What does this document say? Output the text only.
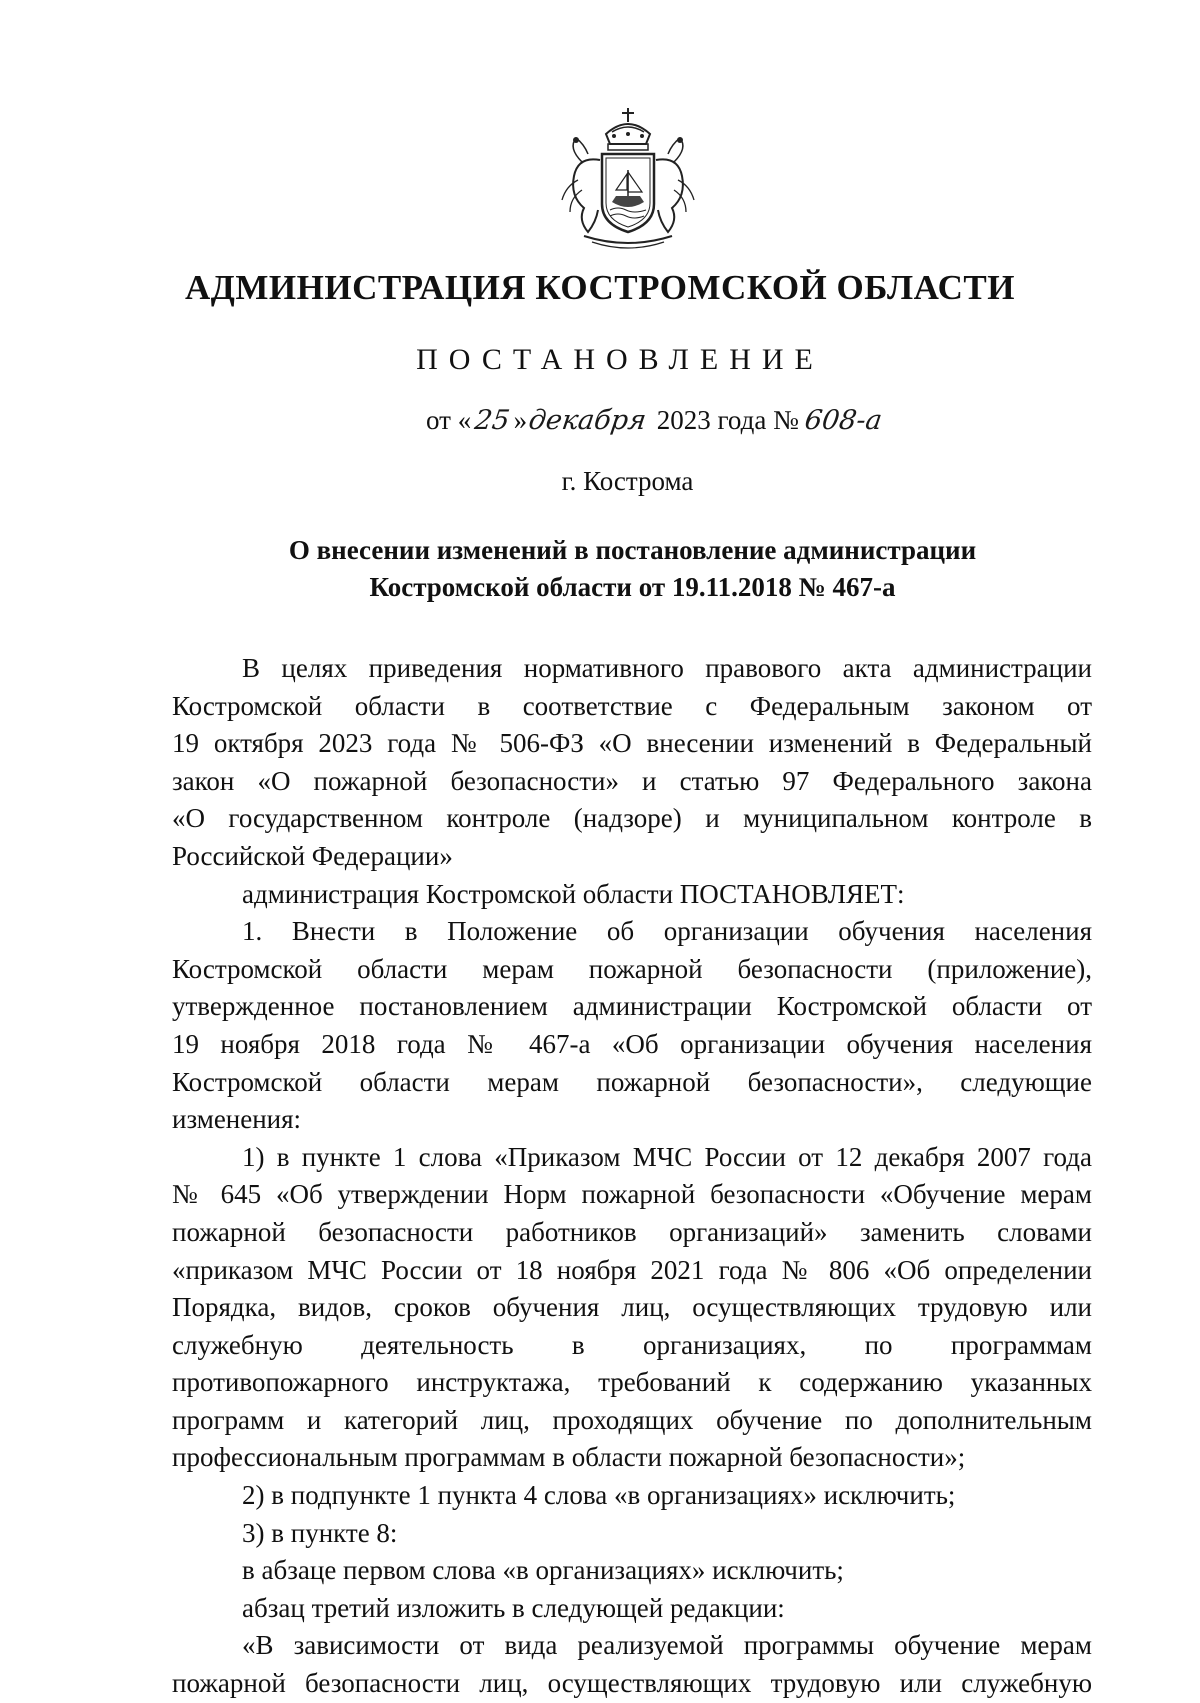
АДМИНИСТРАЦИЯ КОСТРОМСКОЙ ОБЛАСТИ
ПОСТАНОВЛЕНИЕ
от «25»декабря 2023 года № 608-а
г. Кострома
О внесении изменений в постановление администрации
Костромской области от 19.11.2018 № 467-а

В целях приведения нормативного правового акта администрации

Костромской области в соответствие с Федеральным законом от

19 октября 2023 года № 506-ФЗ «О внесении изменений в Федеральный

закон «О пожарной безопасности» и статью 97 Федерального закона

«О государственном контроле (надзоре) и муниципальном контроле в

Российской Федерации»

администрация Костромской области ПОСТАНОВЛЯЕТ:

1. Внести в Положение об организации обучения населения

Костромской области мерам пожарной безопасности (приложение),

утвержденное постановлением администрации Костромской области от

19 ноября 2018 года № 467-а «Об организации обучения населения

Костромской области мерам пожарной безопасности», следующие

изменения:

1) в пункте 1 слова «Приказом МЧС России от 12 декабря 2007 года

№ 645 «Об утверждении Норм пожарной безопасности «Обучение мерам

пожарной безопасности работников организаций» заменить словами

«приказом МЧС России от 18 ноября 2021 года № 806 «Об определении

Порядка, видов, сроков обучения лиц, осуществляющих трудовую или

служебную деятельность в организациях, по программам

противопожарного инструктажа, требований к содержанию указанных

программ и категорий лиц, проходящих обучение по дополнительным

профессиональным программам в области пожарной безопасности»;

2) в подпункте 1 пункта 4 слова «в организациях» исключить;

3) в пункте 8:

в абзаце первом слова «в организациях» исключить;

абзац третий изложить в следующей редакции:

«В зависимости от вида реализуемой программы обучение мерам

пожарной безопасности лиц, осуществляющих трудовую или служебную
